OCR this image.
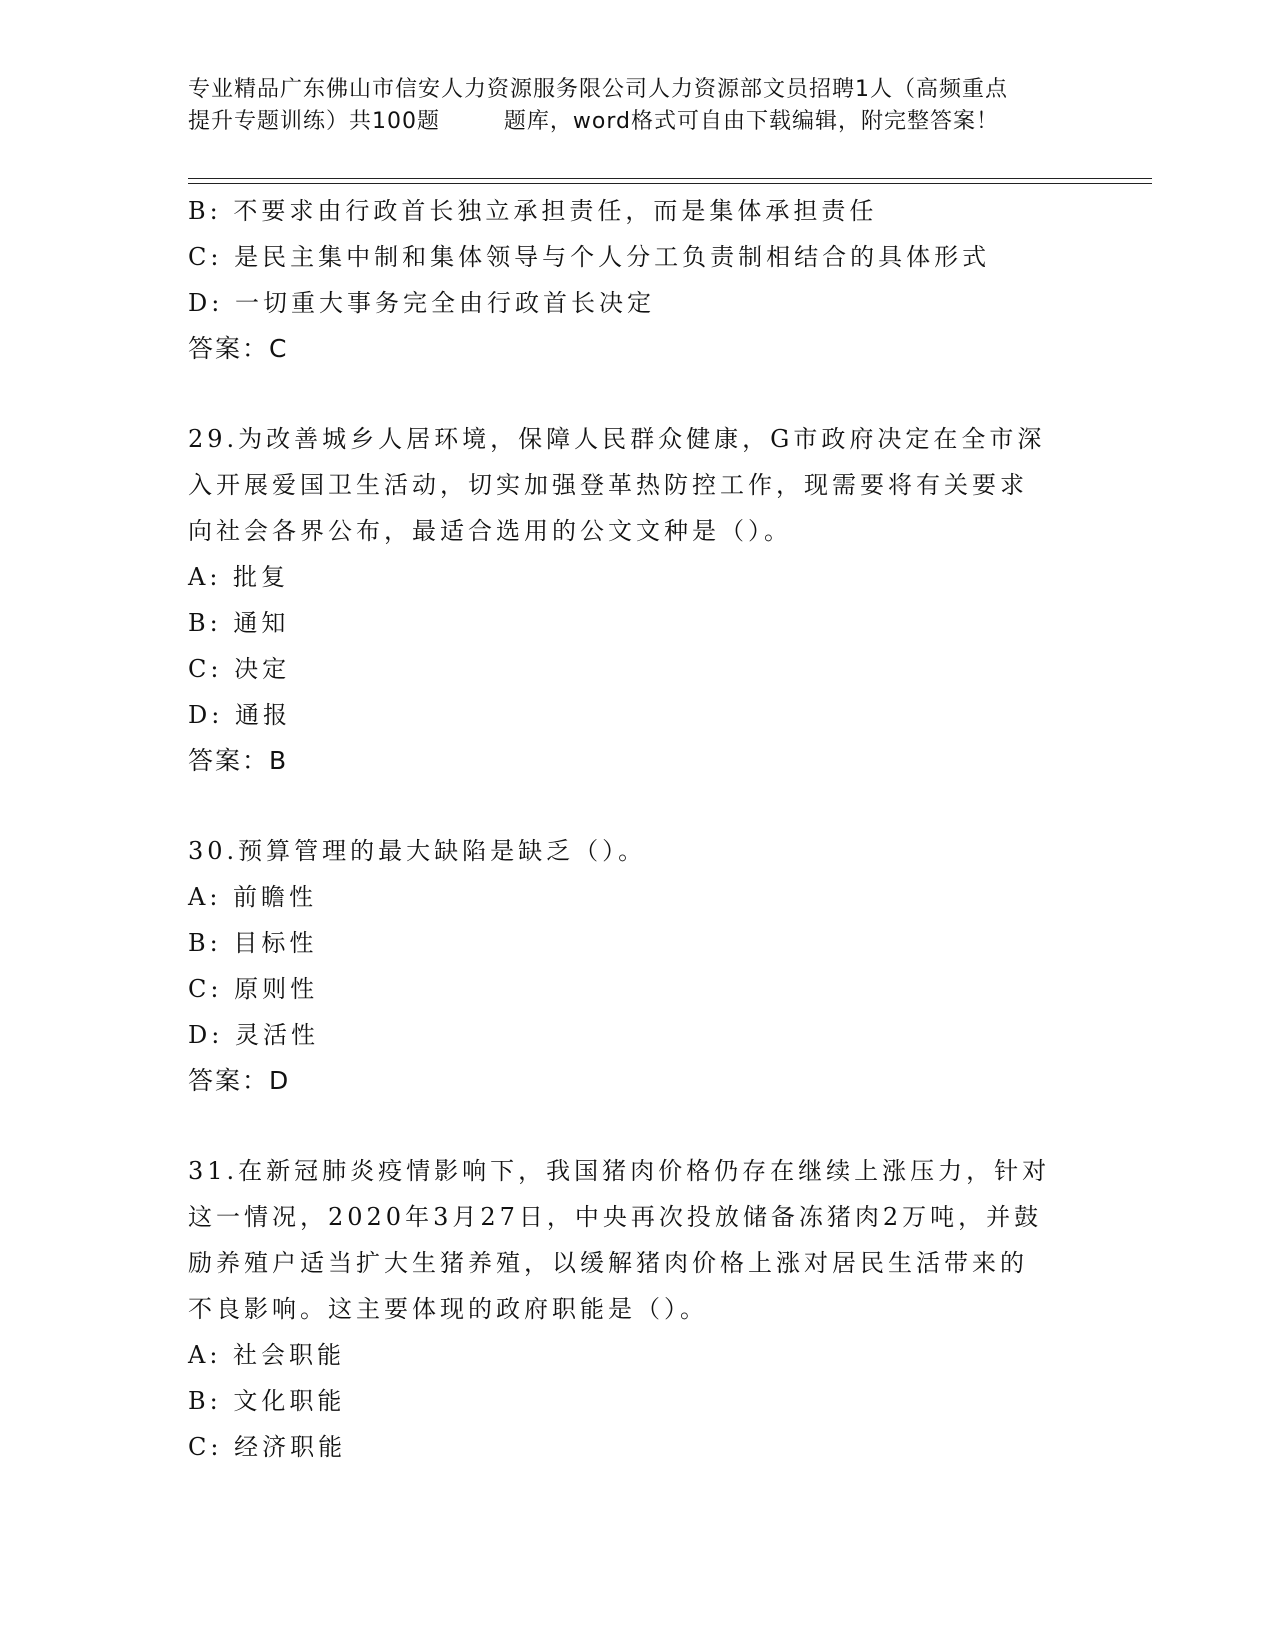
专业精品广东佛山市信安人力资源服务限公司人力资源部文员招聘1人（高频重点
提升专题训练）共100题        题库，word格式可自由下载编辑，附完整答案！
B: 不要求由行政首长独立承担责任，而是集体承担责任
C: 是民主集中制和集体领导与个人分工负责制相结合的具体形式
D: 一切重大事务完全由行政首长决定
答案：C
29.为改善城乡人居环境，保障人民群众健康，G市政府决定在全市深
入开展爱国卫生活动，切实加强登革热防控工作，现需要将有关要求
向社会各界公布，最适合选用的公文文种是（）。
A: 批复
B: 通知
C: 决定
D: 通报
答案：B
30.预算管理的最大缺陷是缺乏（）。
A: 前瞻性
B: 目标性
C: 原则性
D: 灵活性
答案：D
31.在新冠肺炎疫情影响下，我国猪肉价格仍存在继续上涨压力，针对
这一情况，2020年3月27日，中央再次投放储备冻猪肉2万吨，并鼓
励养殖户适当扩大生猪养殖，以缓解猪肉价格上涨对居民生活带来的
不良影响。这主要体现的政府职能是（）。
A: 社会职能
B: 文化职能
C: 经济职能
